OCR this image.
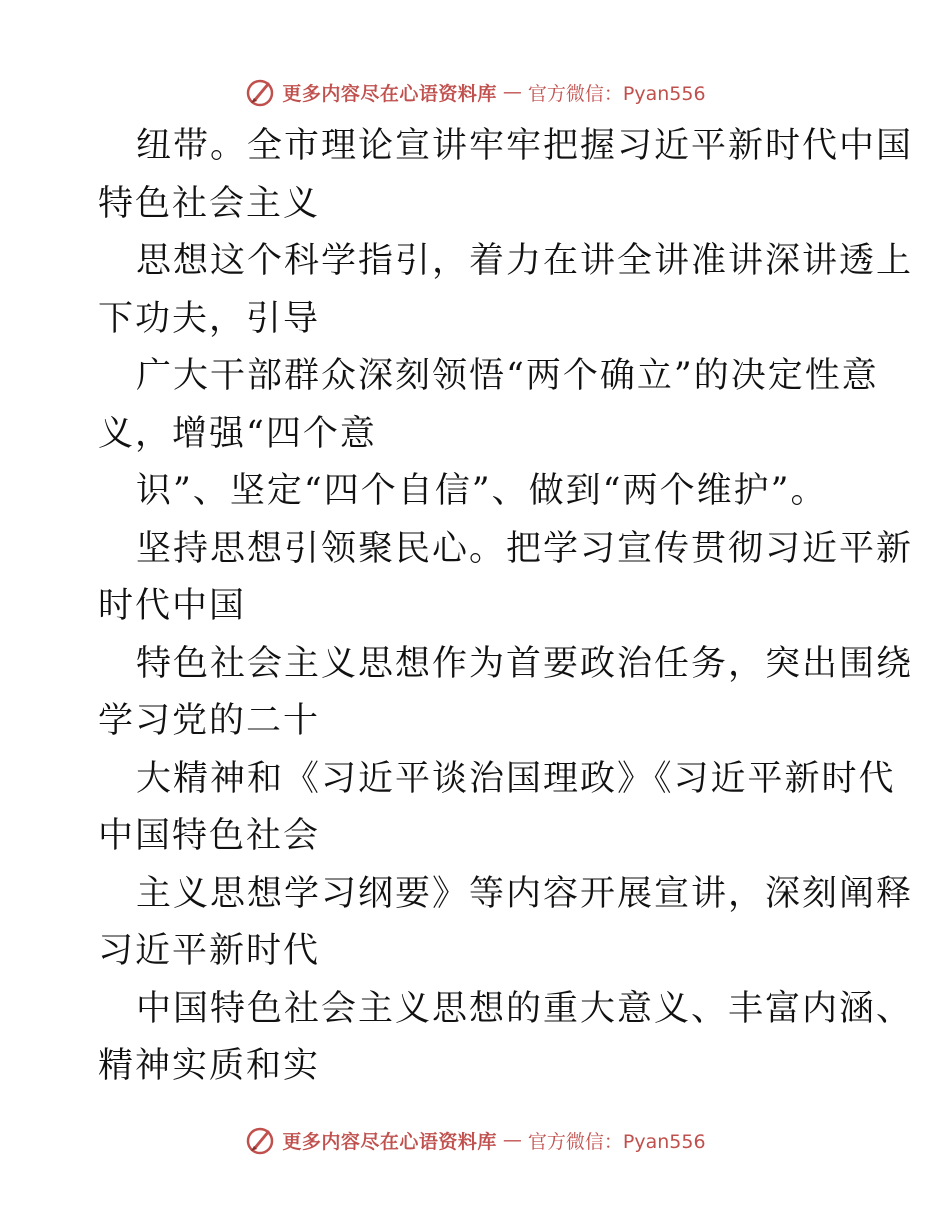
更多内容尽在心语资料库 — 官方微信：Pyan556
纽带。全市理论宣讲牢牢把握习近平新时代中国
特色社会主义
思想这个科学指引，着力在讲全讲准讲深讲透上
下功夫，引导
广大干部群众深刻领悟“两个确立”的决定性意
义，增强“四个意
识”、坚定“四个自信”、做到“两个维护”。
坚持思想引领聚民心。把学习宣传贯彻习近平新
时代中国
特色社会主义思想作为首要政治任务，突出围绕
学习党的二十
大精神和《习近平谈治国理政》《习近平新时代
中国特色社会
主义思想学习纲要》等内容开展宣讲，深刻阐释
习近平新时代
中国特色社会主义思想的重大意义、丰富内涵、
精神实质和实
更多内容尽在心语资料库 — 官方微信：Pyan556
